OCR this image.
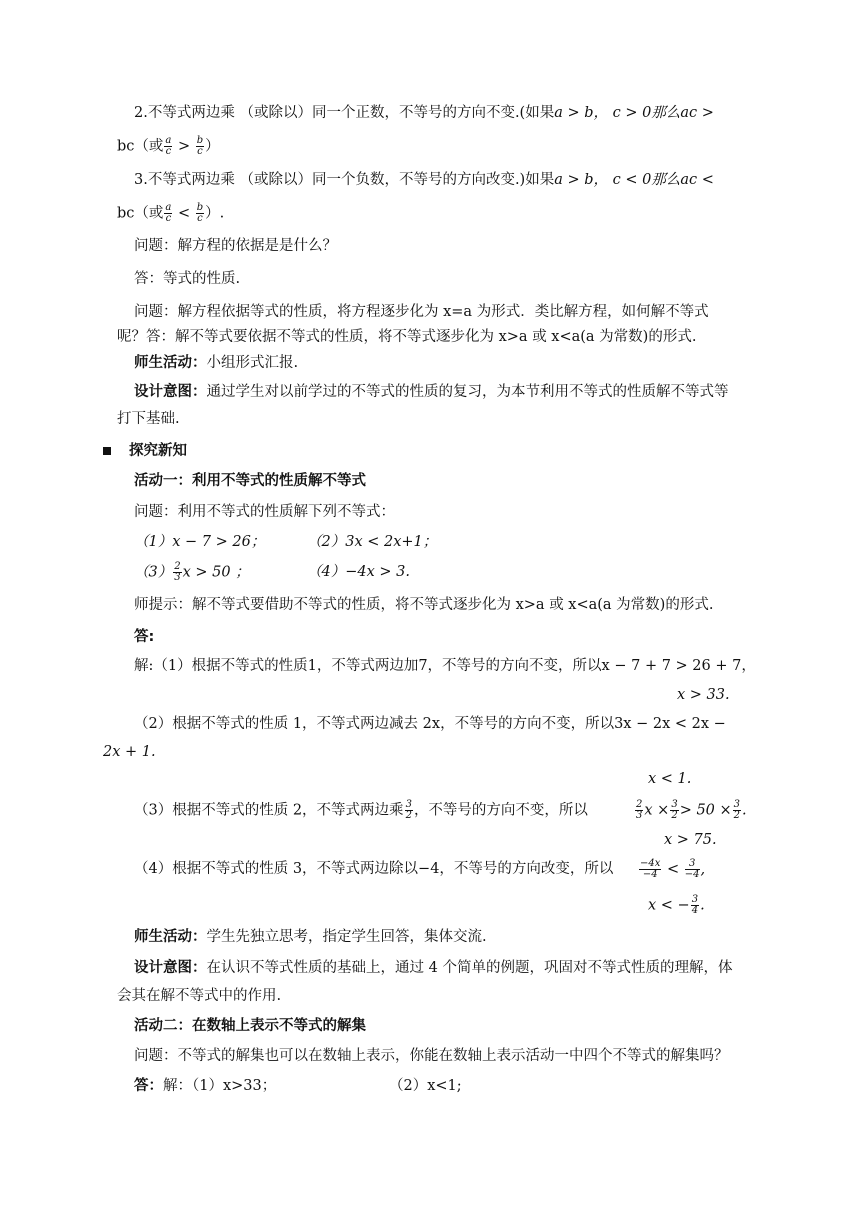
2.不等式两边乘 （或除以）同一个正数，不等号的方向不变.(如果a > b， c > 0那么ac >
bc（或 $\frac{a}{c} > \frac{b}{c}$ ）
3.不等式两边乘 （或除以）同一个负数，不等号的方向改变.)如果a > b， c < 0那么ac <
bc（或 $\frac{a}{c} < \frac{b}{c}$ ）.
问题：解方程的依据是是什么？
答：等式的性质.
问题：解方程依据等式的性质，将方程逐步化为 x=a 为形式．类比解方程，如何解不等式
呢？答：解不等式要依据不等式的性质，将不等式逐步化为 x>a 或 x<a(a 为常数)的形式.
师生活动：小组形式汇报.
设计意图：通过学生对以前学过的不等式的性质的复习，为本节利用不等式的性质解不等式等
打下基础.
探究新知
活动一：利用不等式的性质解不等式
问题：利用不等式的性质解下列不等式：
（1）x − 7 > 26；	（2）3x < 2x+1；
$(3) \frac{2}{3}$ x > 50 ；	（4）−4x > 3.
师提示：解不等式要借助不等式的性质，将不等式逐步化为 x>a 或 x<a(a 为常数)的形式.
答:
解:（1）根据不等式的性质1，不等式两边加7，不等号的方向不变，所以x − 7 + 7 > 26 + 7，
x > 33.
（2）根据不等式的性质 1，不等式两边减去 2x，不等号的方向不变，所以3x − 2x < 2x −
2x + 1.
x < 1.
（3）根据不等式的性质 2，不等式两边乘 $\frac{3}{2}$ ，不等号的方向不变，所以	$\frac{2}{3}$ $x \times \frac{3}{2} > 50 \times \frac{3}{2}$ .
x > 75.
（4）根据不等式的性质 3，不等式两边除以−4，不等号的方向改变，所以	$\frac{-4x}{-4} < \frac{3}{-4}$ ,
x < − $\frac{3}{4}$ .
师生活动：学生先独立思考，指定学生回答，集体交流.
设计意图：在认识不等式性质的基础上，通过 4 个简单的例题，巩固对不等式性质的理解，体
会其在解不等式中的作用.
活动二：在数轴上表示不等式的解集
问题：不等式的解集也可以在数轴上表示，你能在数轴上表示活动一中四个不等式的解集吗？
答：解：（1）x>33；	（2）x<1;
